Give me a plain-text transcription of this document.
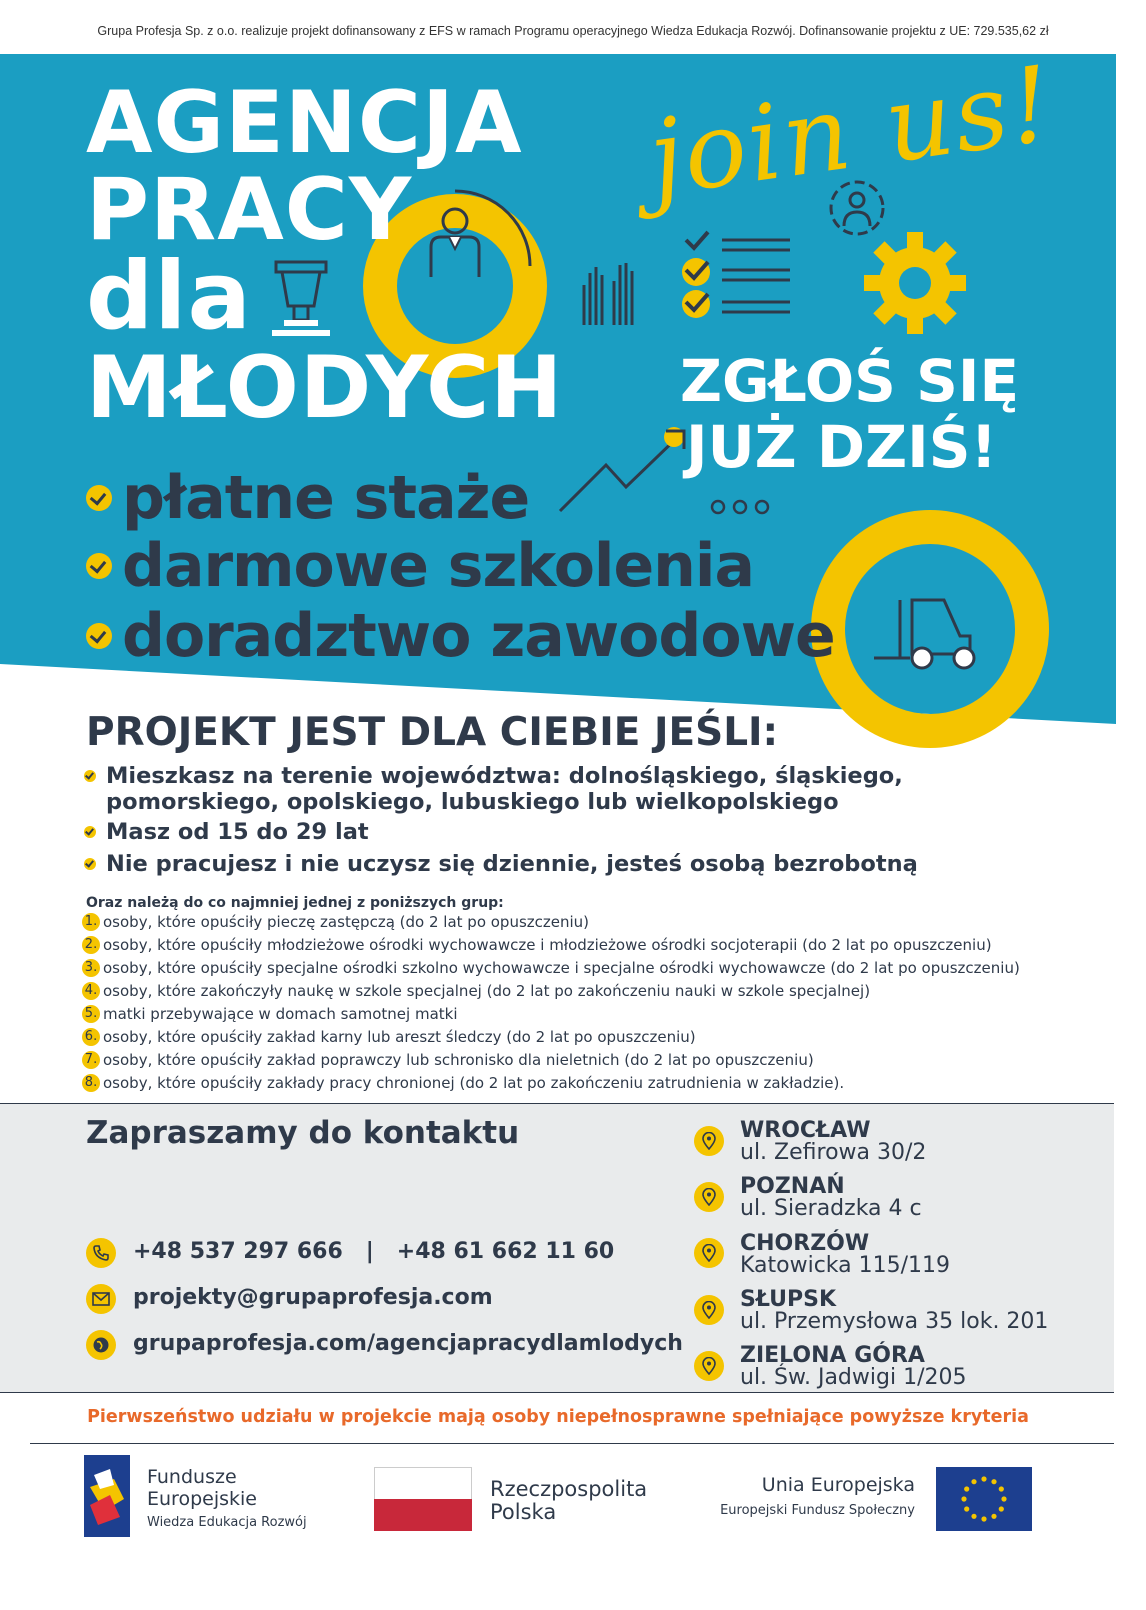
Grupa Profesja Sp. z o.o. realizuje projekt dofinansowany z EFS w ramach Programu operacyjnego Wiedza Edukacja Rozwój. Dofinansowanie projektu z UE: 729.535,62 zł
AGENCJA
PRACY
dla
MŁODYCH
join us!
ZGŁOŚ SIĘ
JUŻ DZIŚ!
płatne staże
darmowe szkolenia
doradztwo zawodowe
PROJEKT JEST DLA CIEBIE JEŚLI:
Mieszkasz na terenie województwa: dolnośląskiego, śląskiego, pomorskiego, opolskiego, lubuskiego lub wielkopolskiego
Masz od 15 do 29 lat
Nie pracujesz i nie uczysz się dziennie, jesteś osobą bezrobotną
Oraz należą do co najmniej jednej z poniższych grup:
1. osoby, które opuściły pieczę zastępczą (do 2 lat po opuszczeniu)
2. osoby, które opuściły młodzieżowe ośrodki wychowawcze i młodzieżowe ośrodki socjoterapii (do 2 lat po opuszczeniu)
3. osoby, które opuściły specjalne ośrodki szkolno wychowawcze i specjalne ośrodki wychowawcze (do 2 lat po opuszczeniu)
4. osoby, które zakończyły naukę w szkole specjalnej (do 2 lat po zakończeniu nauki w szkole specjalnej)
5. matki przebywające w domach samotnej matki
6. osoby, które opuściły zakład karny lub areszt śledczy (do 2 lat po opuszczeniu)
7. osoby, które opuściły zakład poprawczy lub schronisko dla nieletnich (do 2 lat po opuszczeniu)
8. osoby, które opuściły zakłady pracy chronionej (do 2 lat po zakończeniu zatrudnienia w zakładzie).
Zapraszamy do kontaktu
+48 537 297 666   |   +48 61 662 11 60
projekty@grupaprofesja.com
grupaprofesja.com/agencjapracydlamlodych
WROCŁAW
ul. Zefirowa 30/2
POZNAŃ
ul. Sieradzka 4 c
CHORZÓW
Katowicka 115/119
SŁUPSK
ul. Przemysłowa 35 lok. 201
ZIELONA GÓRA
ul. Św. Jadwigi 1/205
Pierwszeństwo udziału w projekcie mają osoby niepełnosprawne spełniające powyższe kryteria
Fundusze
Europejskie
Wiedza Edukacja Rozwój
Rzeczpospolita
Polska
Unia Europejska
Europejski Fundusz Społeczny
